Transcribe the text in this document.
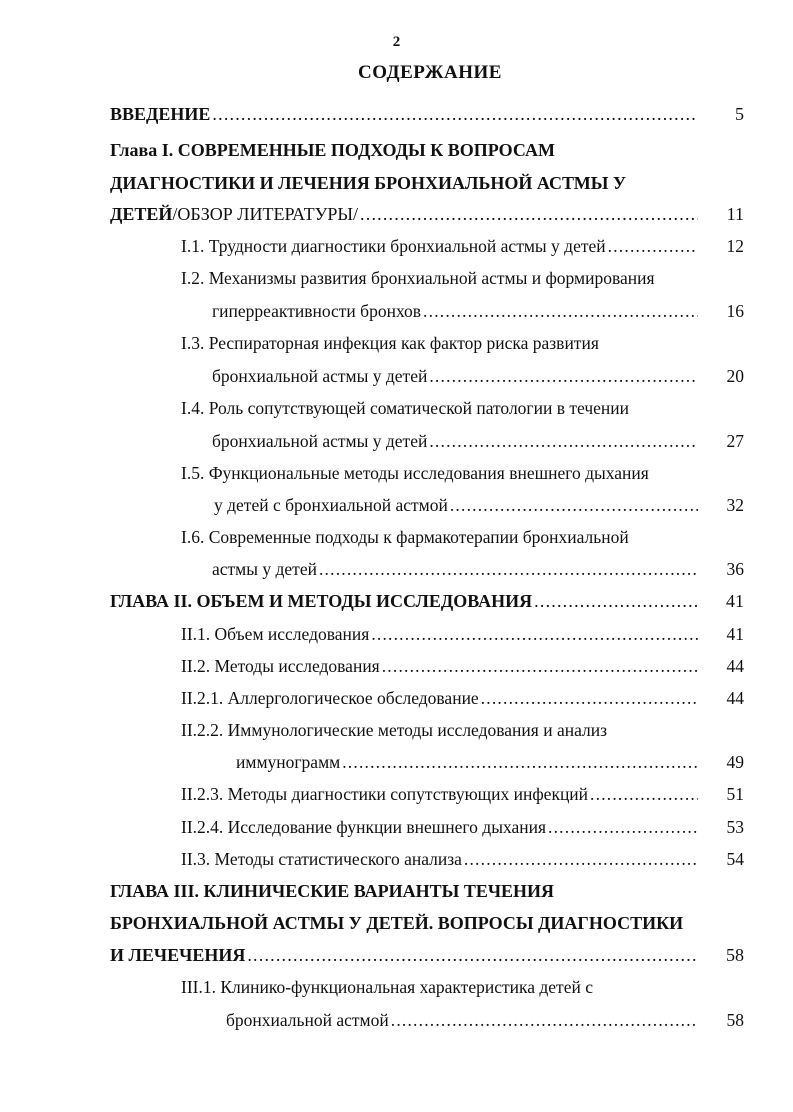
2
СОДЕРЖАНИЕ
ВВЕДЕНИЕ .....	5
Глава I. СОВРЕМЕННЫЕ ПОДХОДЫ К ВОПРОСАМ
ДИАГНОСТИКИ И ЛЕЧЕНИЯ БРОНХИАЛЬНОЙ АСТМЫ У
ДЕТЕЙ /ОБЗОР ЛИТЕРАТУРЫ/ .....	11
I.1. Трудности диагностики бронхиальной астмы у детей .....	12
I.2. Механизмы развития бронхиальной астмы и формирования
гиперреактивности бронхов .....	16
I.3. Респираторная инфекция как фактор риска развития
бронхиальной астмы у детей .....	20
I.4. Роль сопутствующей соматической патологии в течении
бронхиальной астмы у детей .....	27
I.5. Функциональные методы исследования внешнего дыхания
у детей с бронхиальной астмой .....	32
I.6. Современные подходы к фармакотерапии бронхиальной
астмы у детей .....	36
ГЛАВА II. ОБЪЕМ И МЕТОДЫ ИССЛЕДОВАНИЯ .....	41
II.1. Объем исследования .....	41
II.2. Методы исследования .....	44
II.2.1. Аллергологическое обследование .....	44
II.2.2. Иммунологические методы исследования и анализ
иммунограмм .....	49
II.2.3. Методы диагностики сопутствующих инфекций .....	51
II.2.4. Исследование функции внешнего дыхания .....	53
II.3. Методы статистического анализа .....	54
ГЛАВА III. КЛИНИЧЕСКИЕ ВАРИАНТЫ ТЕЧЕНИЯ
БРОНХИАЛЬНОЙ АСТМЫ У ДЕТЕЙ. ВОПРОСЫ ДИАГНОСТИКИ
И ЛЕЧЕЧЕНИЯ .....	58
III.1. Клинико-функциональная характеристика детей с
бронхиальной астмой .....	58
